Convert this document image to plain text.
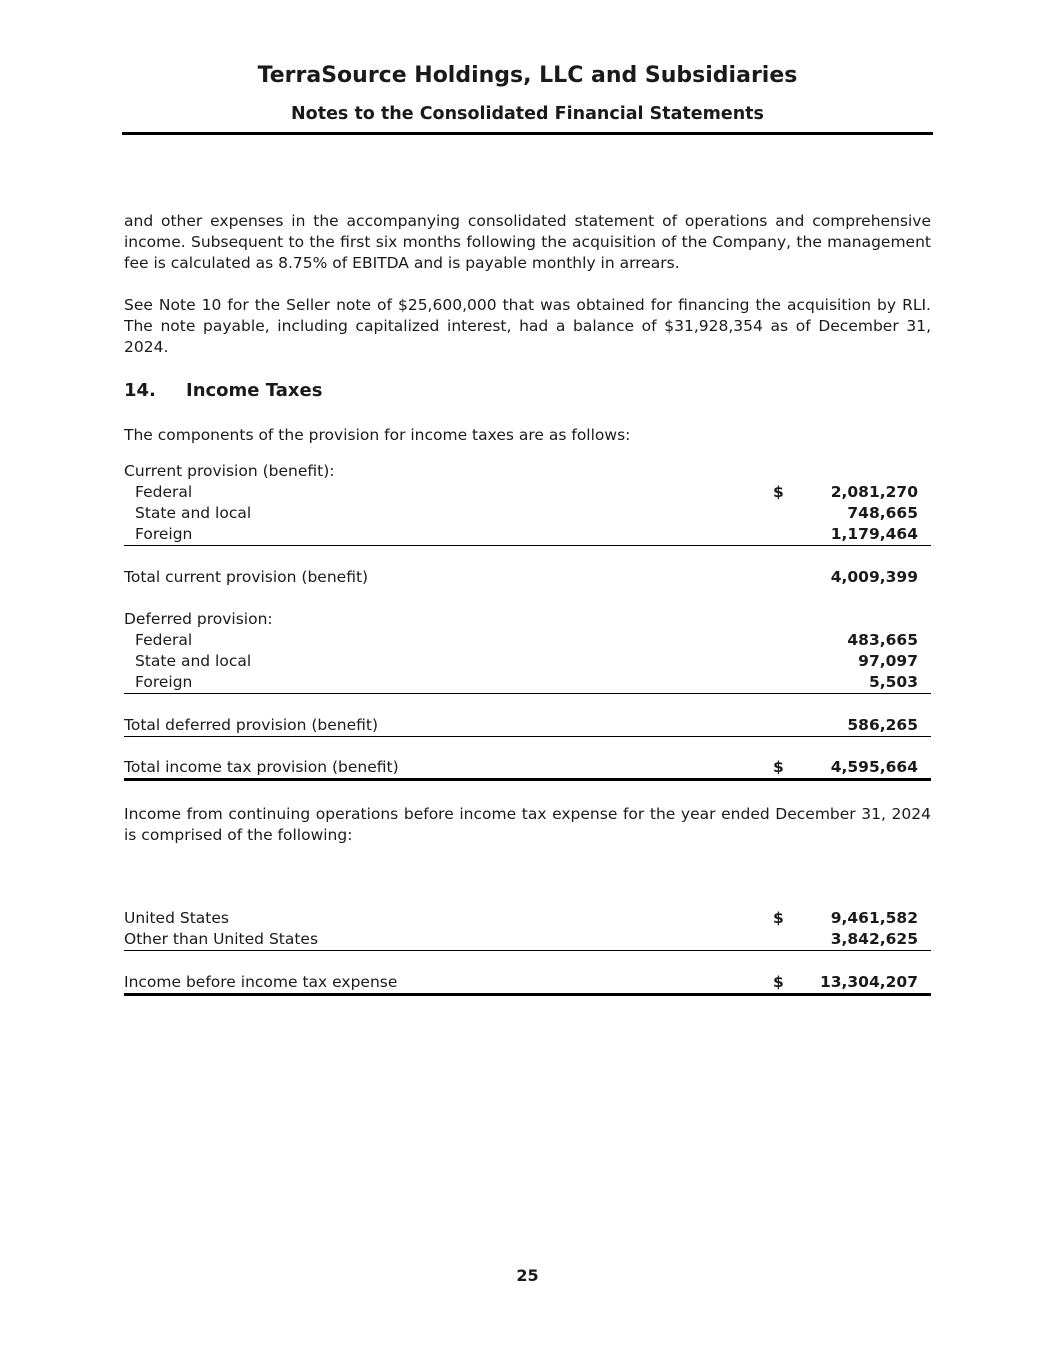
TerraSource Holdings, LLC and Subsidiaries
Notes to the Consolidated Financial Statements

and other expenses in the accompanying consolidated statement of operations and comprehensive income. Subsequent to the first six months following the acquisition of the Company, the management fee is calculated as 8.75% of EBITDA and is payable monthly in arrears.

See Note 10 for the Seller note of $25,600,000 that was obtained for financing the acquisition by RLI. The note payable, including capitalized interest, had a balance of $31,928,354 as of December 31, 2024.

14. Income Taxes

The components of the provision for income taxes are as follows:

Current provision (benefit):
Federal	$	2,081,270
State and local	748,665
Foreign	1,179,464
Total current provision (benefit)	4,009,399
Deferred provision:
Federal	483,665
State and local	97,097
Foreign	5,503
Total deferred provision (benefit)	586,265
Total income tax provision (benefit)	$	4,595,664

Income from continuing operations before income tax expense for the year ended December 31, 2024 is comprised of the following:

United States	$	9,461,582
Other than United States	3,842,625
Income before income tax expense	$ 13,304,207
25
